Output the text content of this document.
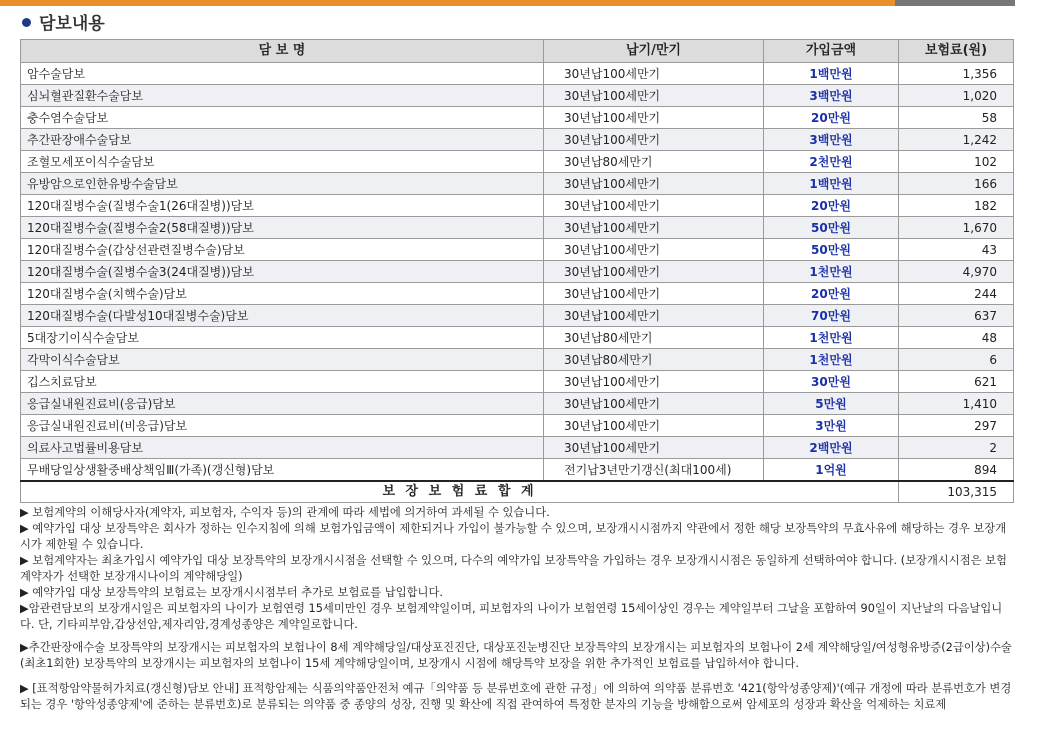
담보내용
담 보 명	납기/만기	가입금액	보험료(원)
암수술담보	30년납100세만기	1백만원	1,356
심뇌혈관질환수술담보	30년납100세만기	3백만원	1,020
충수염수술담보	30년납100세만기	20만원	58
추간판장애수술담보	30년납100세만기	3백만원	1,242
조혈모세포이식수술담보	30년납80세만기	2천만원	102
유방암으로인한유방수술담보	30년납100세만기	1백만원	166
120대질병수술(질병수술1(26대질병))담보	30년납100세만기	20만원	182
120대질병수술(질병수술2(58대질병))담보	30년납100세만기	50만원	1,670
120대질병수술(갑상선관련질병수술)담보	30년납100세만기	50만원	43
120대질병수술(질병수술3(24대질병))담보	30년납100세만기	1천만원	4,970
120대질병수술(치핵수술)담보	30년납100세만기	20만원	244
120대질병수술(다발성10대질병수술)담보	30년납100세만기	70만원	637
5대장기이식수술담보	30년납80세만기	1천만원	48
각막이식수술담보	30년납80세만기	1천만원	6
깁스치료담보	30년납100세만기	30만원	621
응급실내원진료비(응급)담보	30년납100세만기	5만원	1,410
응급실내원진료비(비응급)담보	30년납100세만기	3만원	297
의료사고법률비용담보	30년납100세만기	2백만원	2
무배당일상생활중배상책임Ⅲ(가족)(갱신형)담보	전기납3년만기갱신(최대100세)	1억원	894
보 장 보 험 료 합 계			103,315

▶ 보험계약의 이해당사자(계약자, 피보험자, 수익자 등)의 관계에 따라 세법에 의거하여 과세될 수 있습니다.

▶ 예약가입 대상 보장특약은 회사가 정하는 인수지침에 의해 보험가입금액이 제한되거나 가입이 불가능할 수 있으며, 보장개시시점까지 약관에서 정한 해당 보장특약의 무효사유에 해당하는 경우 보장개시가 제한될 수 있습니다.

▶ 보험계약자는 최초가입시 예약가입 대상 보장특약의 보장개시시점을 선택할 수 있으며, 다수의 예약가입 보장특약을 가입하는 경우 보장개시시점은 동일하게 선택하여야 합니다. (보장개시시점은 보험계약자가 선택한 보장개시나이의 계약해당일)

▶ 예약가입 대상 보장특약의 보험료는 보장개시시점부터 추가로 보험료를 납입합니다.

▶암관련담보의 보장개시일은 피보험자의 나이가 보험연령 15세미만인 경우 보험계약일이며, 피보험자의 나이가 보험연령 15세이상인 경우는 계약일부터 그날을 포함하여 90일이 지난날의 다음날입니다. 단, 기타피부암,갑상선암,제자리암,경계성종양은 계약일로합니다.

▶추간판장애수술 보장특약의 보장개시는 피보험자의 보험나이 8세 계약해당일/대상포진진단, 대상포진눈병진단 보장특약의 보장개시는 피보험자의 보험나이 2세 계약해당일/여성형유방증(2급이상)수술(최초1회한) 보장특약의 보장개시는 피보험자의 보험나이 15세 계약해당일이며, 보장개시 시점에 해당특약 보장을 위한 추가적인 보험료를 납입하셔야 합니다.

▶ [표적항암약물허가치료(갱신형)담보 안내] 표적항암제는 식품의약품안전처 예규「의약품 등 분류번호에 관한 규정」에 의하여 의약품 분류번호 '421(항악성종양제)'(예규 개정에 따라 분류번호가 변경되는 경우 '항악성종양제'에 준하는 분류번호)로 분류되는 의약품 중 종양의 성장, 진행 및 확산에 직접 관여하여 특정한 분자의 기능을 방해함으로써 암세포의 성장과 확산을 억제하는 치료제
